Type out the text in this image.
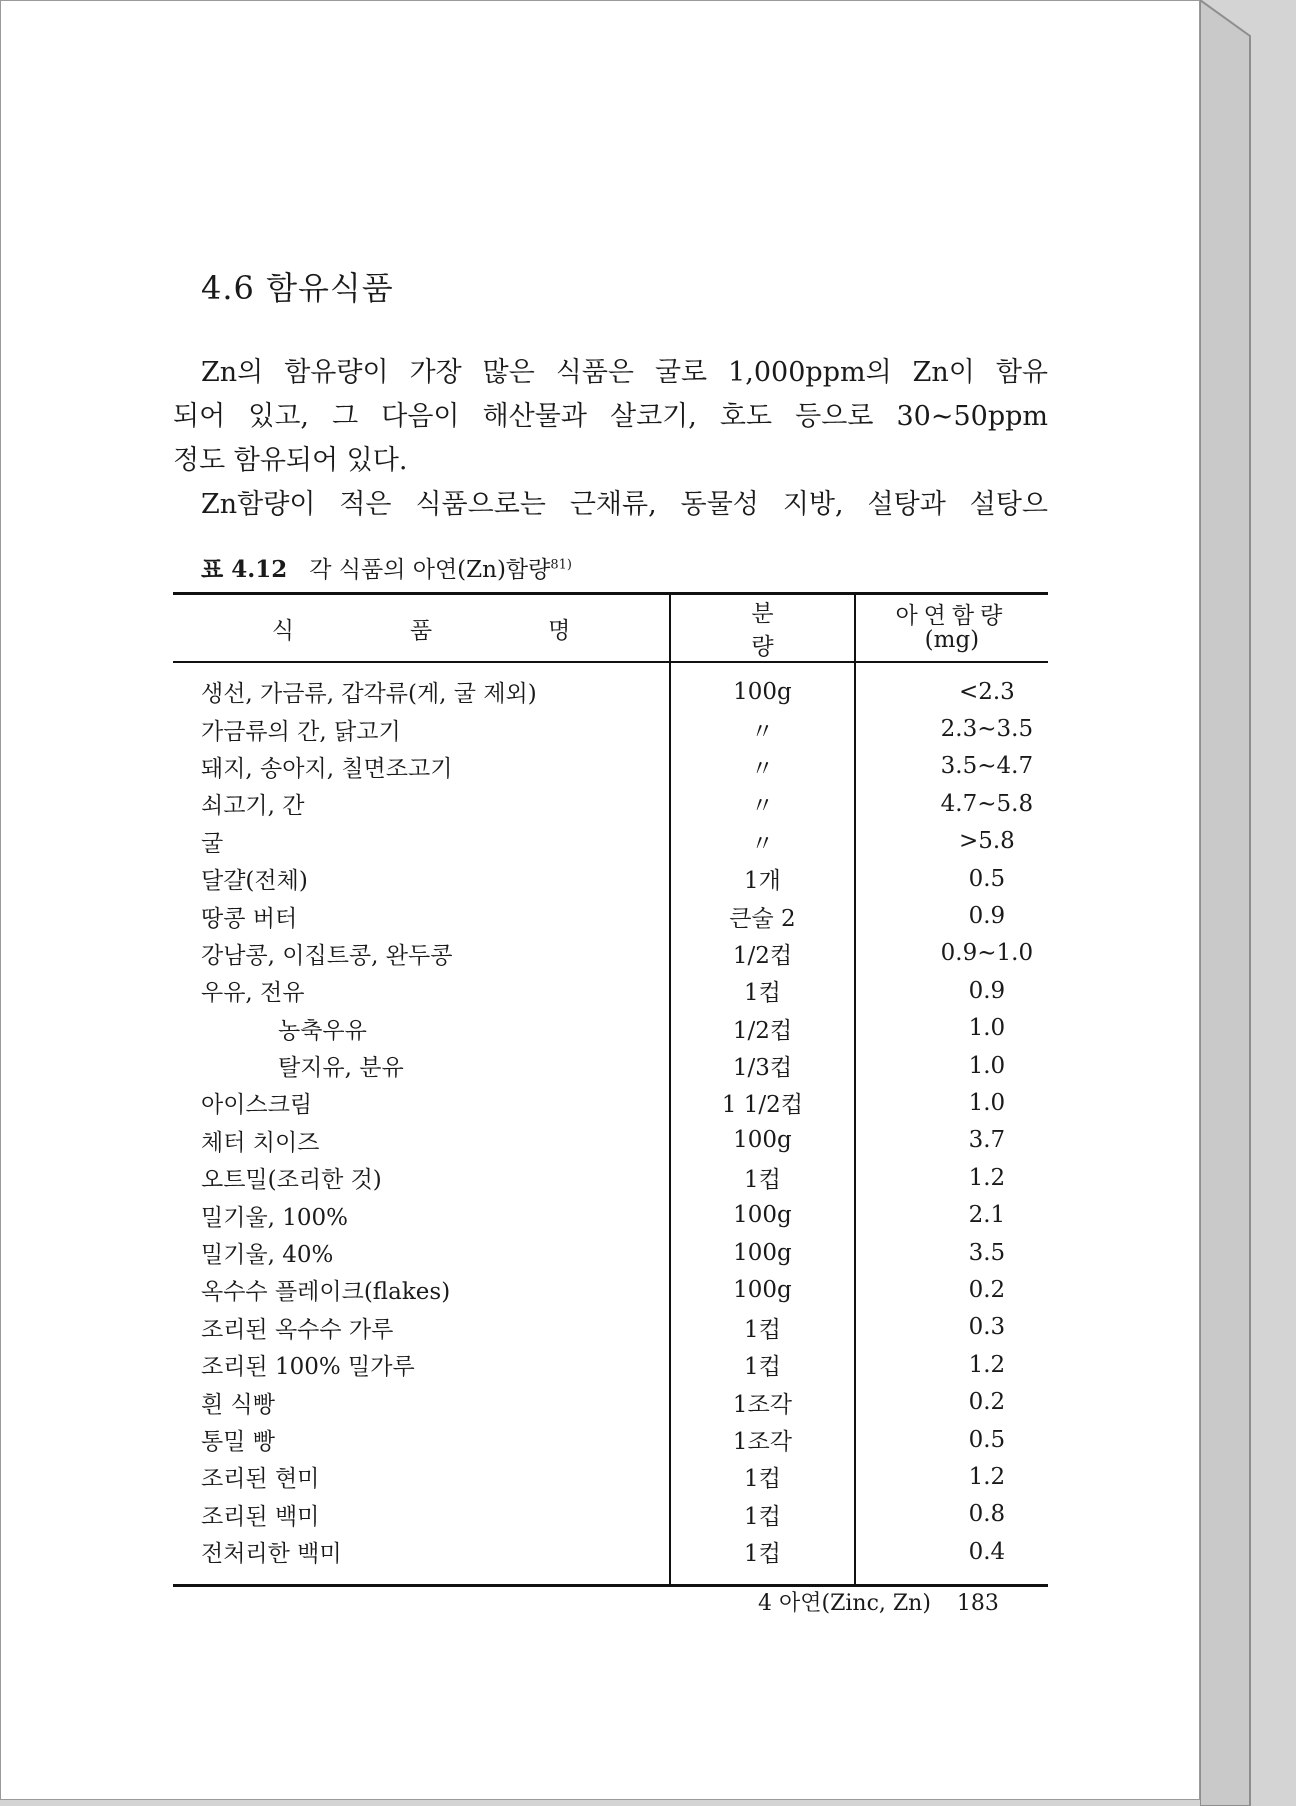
4.6 함유식품

Zn의 함유량이 가장 많은 식품은 굴로 1,000ppm의 Zn이 함유

되어 있고, 그 다음이 해산물과 살코기, 호도 등으로 30∼50ppm

정도 함유되어 있다.

Zn함량이 적은 식품으로는 근채류, 동물성 지방, 설탕과 설탕으

표 4.12 각 식품의 아연(Zn)함량$^{81)}$
식 품 명	분량	아연함량
(mg)

생선, 가금류, 갑각류(게, 굴 제외)	100g	<2.3
가금류의 간, 닭고기	〃	2.3∼3.5
돼지, 송아지, 칠면조고기	〃	3.5∼4.7
쇠고기, 간	〃	4.7∼5.8
굴	〃	>5.8
달걀(전체)	1개	0.5
땅콩 버터	큰술 2	0.9
강남콩, 이집트콩, 완두콩	1/2컵	0.9∼1.0
우유, 전유	1컵	0.9
농축우유	1/2컵	1.0
탈지유, 분유	1/3컵	1.0
아이스크림	1 1/2컵	1.0
체터 치이즈	100g	3.7
오트밀(조리한 것)	1컵	1.2
밀기울, 100%	100g	2.1
밀기울, 40%	100g	3.5
옥수수 플레이크(flakes)	100g	0.2
조리된 옥수수 가루	1컵	0.3
조리된 100% 밀가루	1컵	1.2
흰 식빵	1조각	0.2
통밀 빵	1조각	0.5
조리된 현미	1컵	1.2
조리된 백미	1컵	0.8
전처리한 백미	1컵	0.4
4 아연(Zinc, Zn) 183
